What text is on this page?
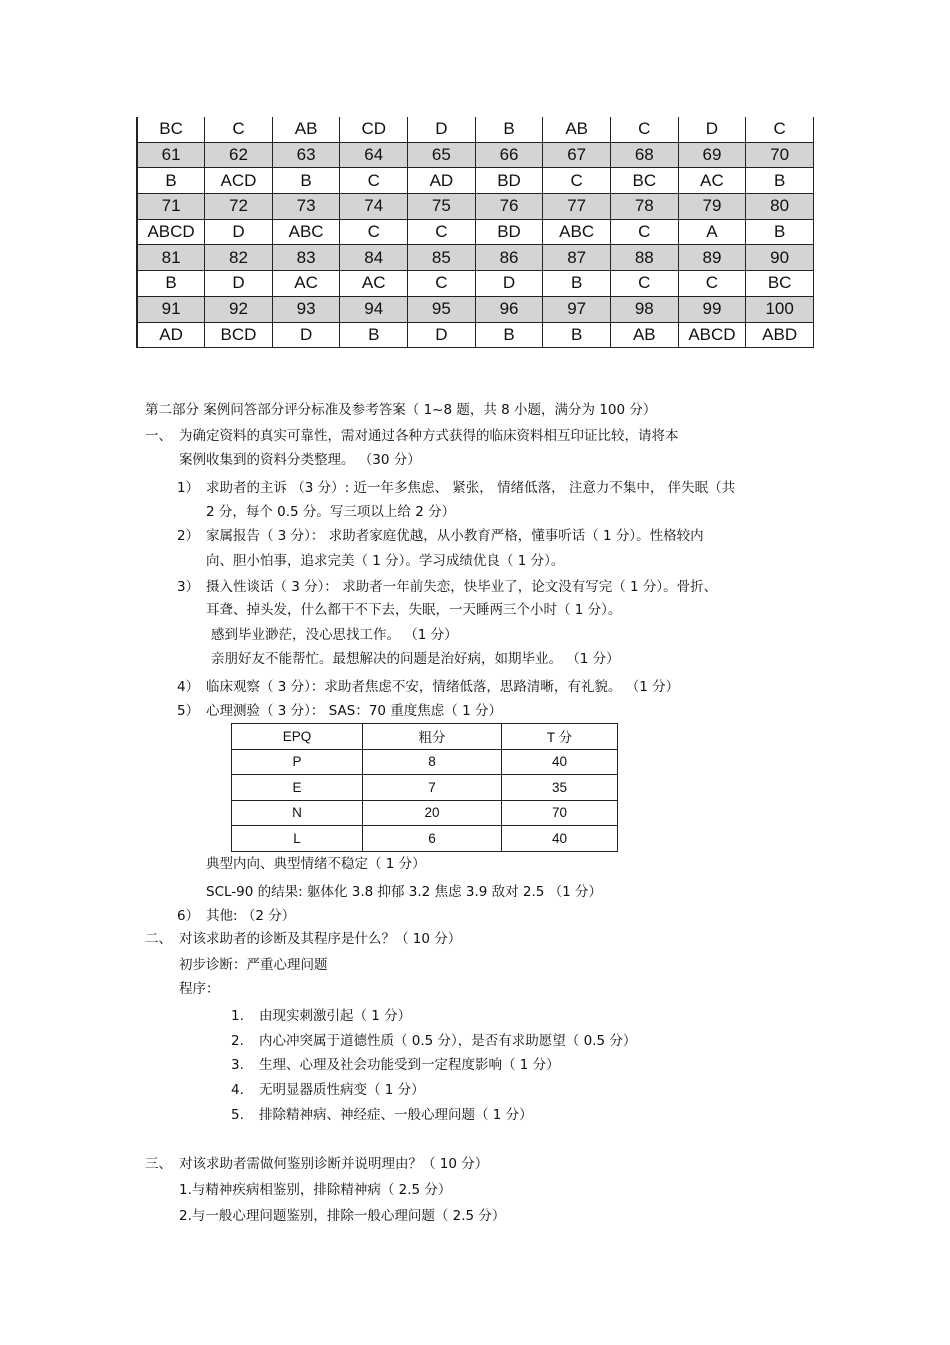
BC	C	AB	CD	D	B	AB	C	D	C
61	62	63	64	65	66	67	68	69	70
B	ACD	B	C	AD	BD	C	BC	AC	B
71	72	73	74	75	76	77	78	79	80
ABCD	D	ABC	C	C	BD	ABC	C	A	B
81	82	83	84	85	86	87	88	89	90
B	D	AC	AC	C	D	B	C	C	BC
91	92	93	94	95	96	97	98	99	100
AD	BCD	D	B	D	B	B	AB	ABCD	ABD
第二部分 案例问答部分评分标准及参考答案（ 1~8 题，共 8 小题，满分为 100 分）
一、 为确定资料的真实可靠性，需对通过各种方式获得的临床资料相互印证比较，请将本
案例收集到的资料分类整理。 （30 分）
1） 求助者的主诉 （3 分）: 近一年多焦虑、 紧张， 情绪低落， 注意力不集中， 伴失眠（共
2 分，每个 0.5 分。写三项以上给 2 分）
2） 家属报告（ 3 分）： 求助者家庭优越，从小教育严格，懂事听话（ 1 分）。性格较内
向、胆小怕事，追求完美（ 1 分）。学习成绩优良（ 1 分）。
3） 摄入性谈话（ 3 分）： 求助者一年前失恋，快毕业了，论文没有写完（ 1 分）。骨折、
耳聋、掉头发，什么都干不下去，失眠，一天睡两三个小时（ 1 分）。
感到毕业渺茫，没心思找工作。 （1 分）
亲朋好友不能帮忙。最想解决的问题是治好病，如期毕业。 （1 分）
4） 临床观察（ 3 分）：求助者焦虑不安，情绪低落，思路清晰，有礼貌。 （1 分）
5） 心理测验（ 3 分）： SAS：70 重度焦虑（ 1 分）
EPQ	粗分	T 分
P	8	40
E	7	35
N	20	70
L	6	40
典型内向、典型情绪不稳定（ 1 分）
SCL-90 的结果: 躯体化 3.8 抑郁 3.2 焦虑 3.9 敌对 2.5 （1 分）
6） 其他: （2 分）
二、 对该求助者的诊断及其程序是什么？（ 10 分）
初步诊断：严重心理问题
程序：
1. 由现实刺激引起（ 1 分）
2. 内心冲突属于道德性质（ 0.5 分），是否有求助愿望（ 0.5 分）
3. 生理、心理及社会功能受到一定程度影响（ 1 分）
4. 无明显器质性病变（ 1 分）
5. 排除精神病、神经症、一般心理问题（ 1 分）
三、 对该求助者需做何鉴别诊断并说明理由？（ 10 分）
1.与精神疾病相鉴别，排除精神病（ 2.5 分）
2.与一般心理问题鉴别，排除一般心理问题（ 2.5 分）
